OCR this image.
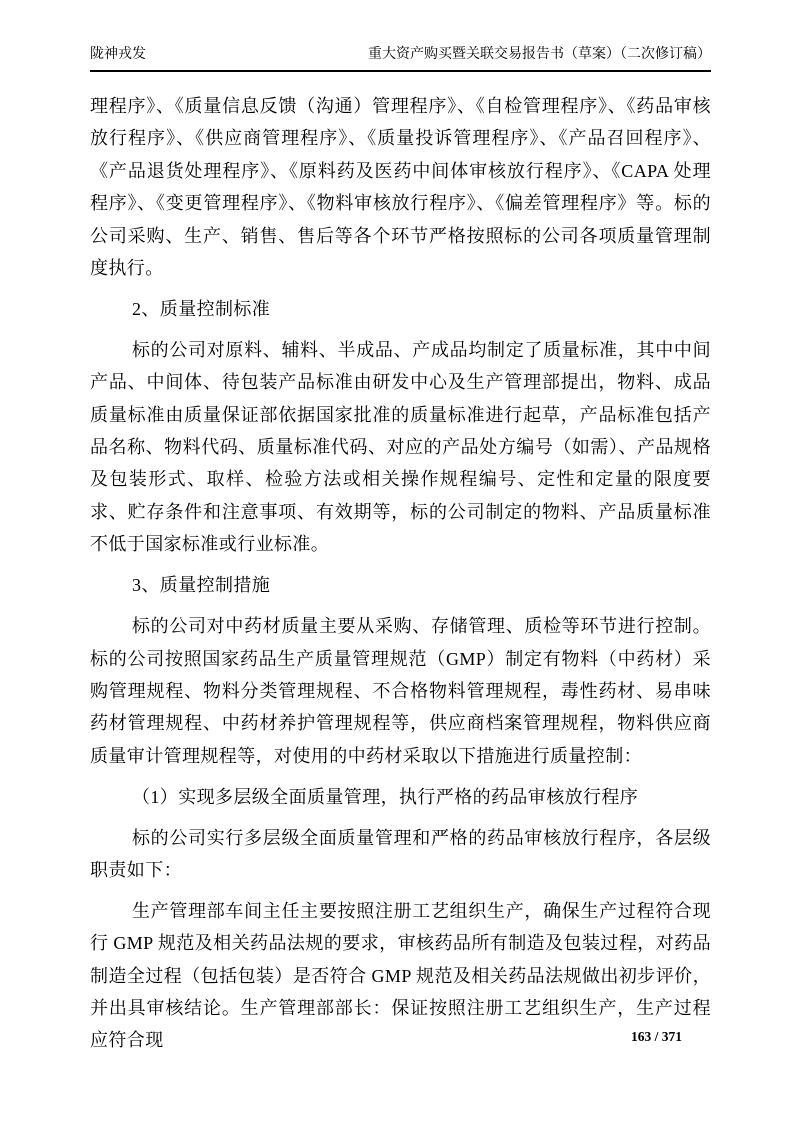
陇神戎发	重大资产购买暨关联交易报告书（草案）（二次修订稿）
理程序》、《质量信息反馈（沟通）管理程序》、《自检管理程序》、《药品审核放行程序》、《供应商管理程序》、《质量投诉管理程序》、《产品召回程序》、《产品退货处理程序》、《原料药及医药中间体审核放行程序》、《CAPA 处理程序》、《变更管理程序》、《物料审核放行程序》、《偏差管理程序》等。标的公司采购、生产、销售、售后等各个环节严格按照标的公司各项质量管理制度执行。
2、质量控制标准
标的公司对原料、辅料、半成品、产成品均制定了质量标准，其中中间产品、中间体、待包装产品标准由研发中心及生产管理部提出，物料、成品质量标准由质量保证部依据国家批准的质量标准进行起草，产品标准包括产品名称、物料代码、质量标准代码、对应的产品处方编号（如需）、产品规格及包装形式、取样、检验方法或相关操作规程编号、定性和定量的限度要求、贮存条件和注意事项、有效期等，标的公司制定的物料、产品质量标准不低于国家标准或行业标准。
3、质量控制措施
标的公司对中药材质量主要从采购、存储管理、质检等环节进行控制。标的公司按照国家药品生产质量管理规范（GMP）制定有物料（中药材）采购管理规程、物料分类管理规程、不合格物料管理规程，毒性药材、易串味药材管理规程、中药材养护管理规程等，供应商档案管理规程，物料供应商质量审计管理规程等，对使用的中药材采取以下措施进行质量控制：
（1）实现多层级全面质量管理，执行严格的药品审核放行程序
标的公司实行多层级全面质量管理和严格的药品审核放行程序，各层级职责如下：
生产管理部车间主任主要按照注册工艺组织生产，确保生产过程符合现行 GMP 规范及相关药品法规的要求，审核药品所有制造及包装过程，对药品制造全过程（包括包装）是否符合 GMP 规范及相关药品法规做出初步评价，并出具审核结论。生产管理部部长：保证按照注册工艺组织生产，生产过程应符合现	163 / 371
